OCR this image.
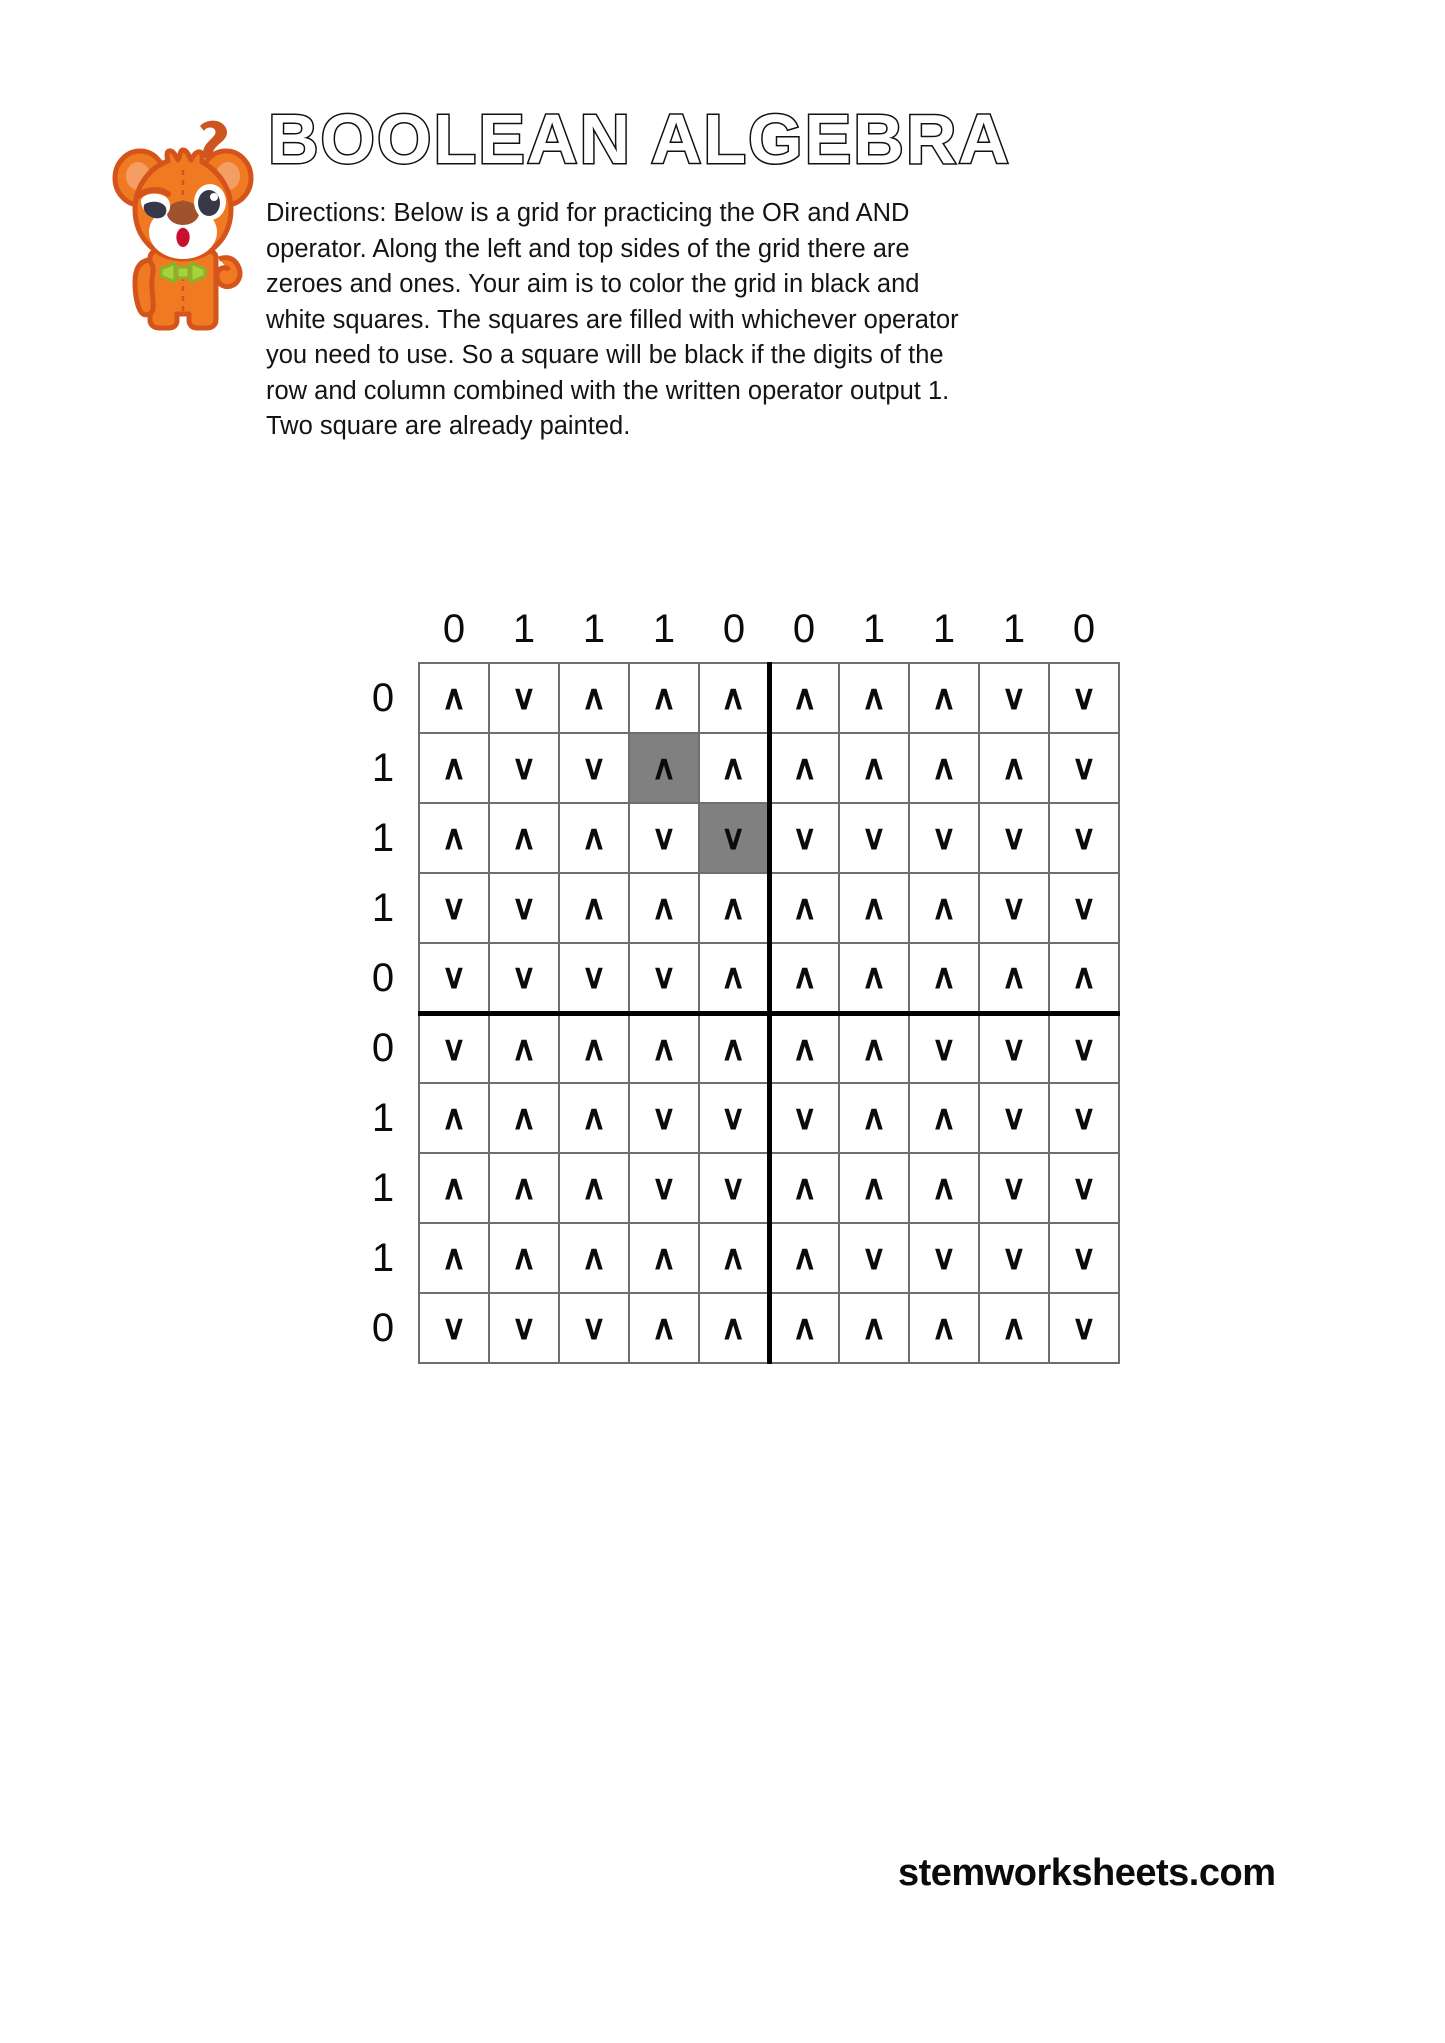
BOOLEAN ALGEBRA
Directions: Below is a grid for practicing the OR and AND operator. Along the left and top sides of the grid there are zeroes and ones. Your aim is to color the grid in black and white squares. The squares are filled with whichever operator you need to use. So a square will be black if the digits of the row and column combined with the written operator output 1. Two square are already painted.
	0	1	1	1	0	0	1	1	1	0
0	∧	∨	∧	∧	∧	∧	∧	∧	∨	∨
1	∧	∨	∨	∧	∧	∧	∧	∧	∧	∨
1	∧	∧	∧	∨	∨	∨	∨	∨	∨	∨
1	∨	∨	∧	∧	∧	∧	∧	∧	∨	∨
0	∨	∨	∨	∨	∧	∧	∧	∧	∧	∧
0	∨	∧	∧	∧	∧	∧	∧	∨	∨	∨
1	∧	∧	∧	∨	∨	∨	∧	∧	∨	∨
1	∧	∧	∧	∨	∨	∧	∧	∧	∨	∨
1	∧	∧	∧	∧	∧	∧	∨	∨	∨	∨
0	∨	∨	∨	∧	∧	∧	∧	∧	∧	∨
stemworksheets.com
